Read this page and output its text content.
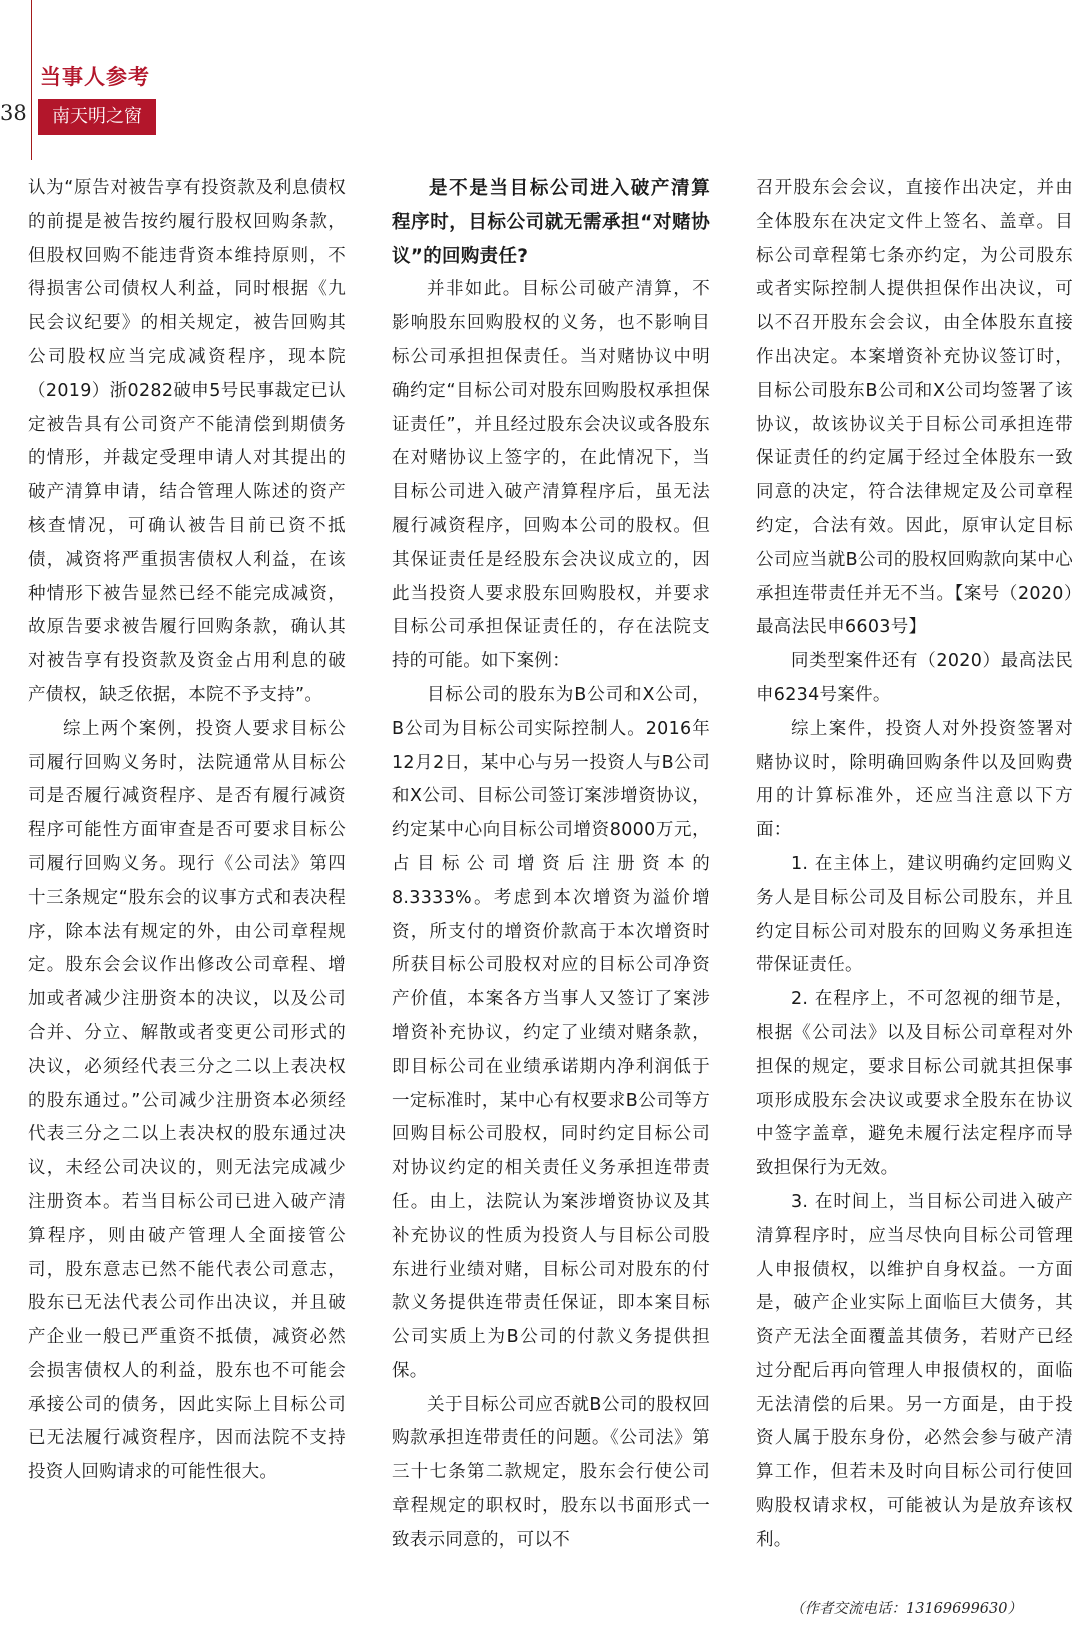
38
当事人参考
南天明之窗

认为“原告对被告享有投资款及利息债权的前提是被告按约履行股权回购条款，但股权回购不能违背资本维持原则，不得损害公司债权人利益，同时根据《九民会议纪要》的相关规定，被告回购其公司股权应当完成减资程序，现本院（2019）浙0282破申5号民事裁定已认定被告具有公司资产不能清偿到期债务的情形，并裁定受理申请人对其提出的破产清算申请，结合管理人陈述的资产核查情况，可确认被告目前已资不抵债，减资将严重损害债权人利益，在该种情形下被告显然已经不能完成减资，故原告要求被告履行回购条款，确认其对被告享有投资款及资金占用利息的破产债权，缺乏依据，本院不予支持”。

综上两个案例，投资人要求目标公司履行回购义务时，法院通常从目标公司是否履行减资程序、是否有履行减资程序可能性方面审查是否可要求目标公司履行回购义务。现行《公司法》第四十三条规定“股东会的议事方式和表决程序，除本法有规定的外，由公司章程规定。股东会会议作出修改公司章程、增加或者减少注册资本的决议，以及公司合并、分立、解散或者变更公司形式的决议，必须经代表三分之二以上表决权的股东通过。”公司减少注册资本必须经代表三分之二以上表决权的股东通过决议，未经公司决议的，则无法完成减少注册资本。若当目标公司已进入破产清算程序，则由破产管理人全面接管公司，股东意志已然不能代表公司意志，股东已无法代表公司作出决议，并且破产企业一般已严重资不抵债，减资必然会损害债权人的利益，股东也不可能会承接公司的债务，因此实际上目标公司已无法履行减资程序，因而法院不支持投资人回购请求的可能性很大。

是不是当目标公司进入破产清算程序时，目标公司就无需承担“对赌协议”的回购责任?

并非如此。目标公司破产清算，不影响股东回购股权的义务，也不影响目标公司承担担保责任。当对赌协议中明确约定“目标公司对股东回购股权承担保证责任”，并且经过股东会决议或各股东在对赌协议上签字的，在此情况下，当目标公司进入破产清算程序后，虽无法履行减资程序，回购本公司的股权。但其保证责任是经股东会决议成立的，因此当投资人要求股东回购股权，并要求目标公司承担保证责任的，存在法院支持的可能。如下案例：

目标公司的股东为B公司和X公司，B公司为目标公司实际控制人。2016年12月2日，某中心与另一投资人与B公司和X公司、目标公司签订案涉增资协议，约定某中心向目标公司增资8000万元，占目标公司增资后注册资本的8.3333%。考虑到本次增资为溢价增资，所支付的增资价款高于本次增资时所获目标公司股权对应的目标公司净资产价值，本案各方当事人又签订了案涉增资补充协议，约定了业绩对赌条款，即目标公司在业绩承诺期内净利润低于一定标准时，某中心有权要求B公司等方回购目标公司股权，同时约定目标公司对协议约定的相关责任义务承担连带责任。由上，法院认为案涉增资协议及其补充协议的性质为投资人与目标公司股东进行业绩对赌，目标公司对股东的付款义务提供连带责任保证，即本案目标公司实质上为B公司的付款义务提供担保。

关于目标公司应否就B公司的股权回购款承担连带责任的问题。《公司法》第三十七条第二款规定，股东会行使公司章程规定的职权时，股东以书面形式一致表示同意的，可以不

召开股东会会议，直接作出决定，并由全体股东在决定文件上签名、盖章。目标公司章程第七条亦约定，为公司股东或者实际控制人提供担保作出决议，可以不召开股东会会议，由全体股东直接作出决定。本案增资补充协议签订时，目标公司股东B公司和X公司均签署了该协议，故该协议关于目标公司承担连带保证责任的约定属于经过全体股东一致同意的决定，符合法律规定及公司章程约定，合法有效。因此，原审认定目标公司应当就B公司的股权回购款向某中心承担连带责任并无不当。【案号（2020）最高法民申6603号】

同类型案件还有（2020）最高法民申6234号案件。

综上案件，投资人对外投资签署对赌协议时，除明确回购条件以及回购费用的计算标准外，还应当注意以下方面：

1. 在主体上，建议明确约定回购义务人是目标公司及目标公司股东，并且约定目标公司对股东的回购义务承担连带保证责任。

2. 在程序上，不可忽视的细节是，根据《公司法》以及目标公司章程对外担保的规定，要求目标公司就其担保事项形成股东会决议或要求全股东在协议中签字盖章，避免未履行法定程序而导致担保行为无效。

3. 在时间上，当目标公司进入破产清算程序时，应当尽快向目标公司管理人申报债权，以维护自身权益。一方面是，破产企业实际上面临巨大债务，其资产无法全面覆盖其债务，若财产已经过分配后再向管理人申报债权的，面临无法清偿的后果。另一方面是，由于投资人属于股东身份，必然会参与破产清算工作，但若未及时向目标公司行使回购股权请求权，可能被认为是放弃该权利。

（作者交流电话：13169699630）
